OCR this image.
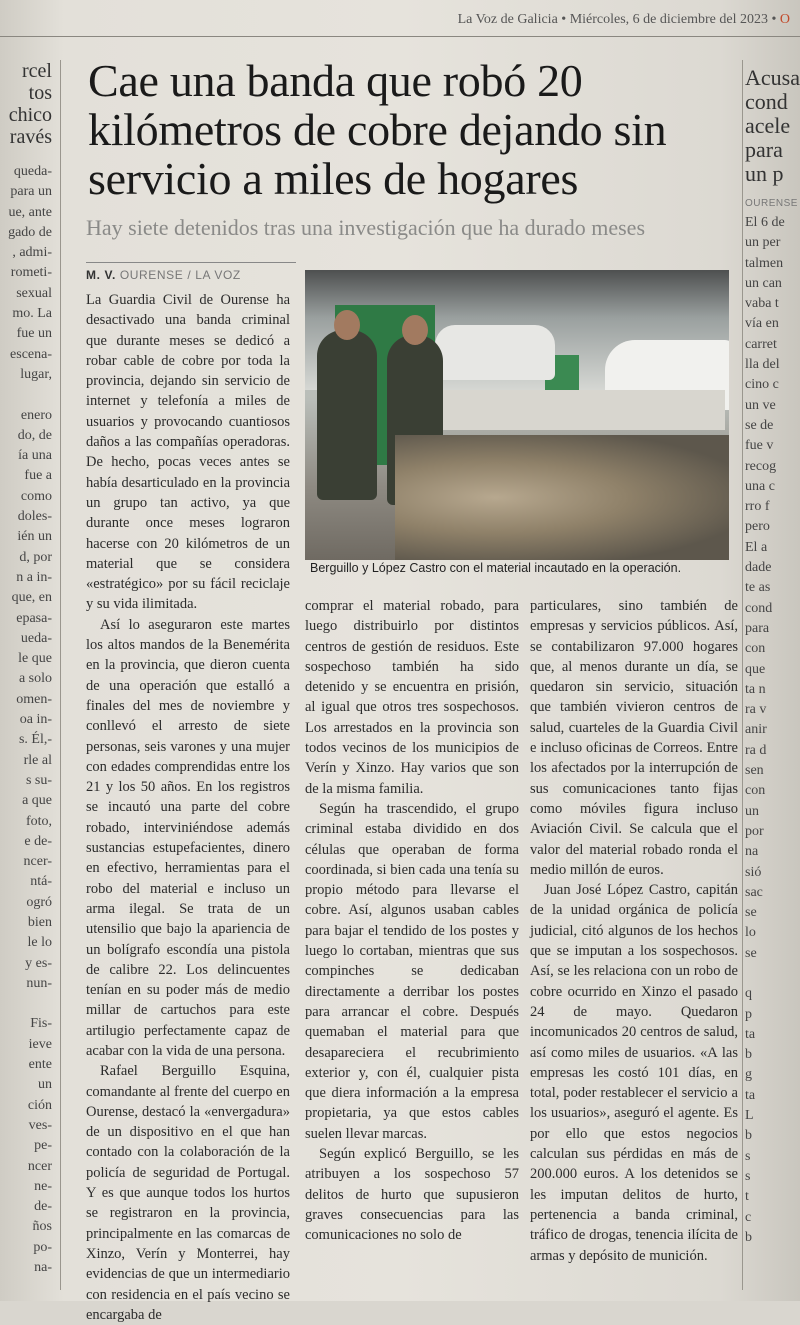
La Voz de Galicia • Miércoles, 6 de diciembre del 2023 • O
rcel
tos
chico
ravés
queda-
para un
ue, ante
gado de
, admi-
rometi-
sexual
mo. La
fue un
escena-
lugar,

enero
do, de
ía una
fue a
como
doles-
ién un
d, por
n a in-
que, en
epasa-
ueda-
le que
a solo
omen-
oa in-
s. Él,-
rle al
s su-
a que
foto,
e de-
ncer-
ntá-
ogró
bien
le lo
y es-
nun-

Fis-
ieve
ente
un
ción
ves-
pe-
ncer
ne-
de-
ños
po-
na-
Cae una banda que robó 20 kilómetros de cobre dejando sin servicio a miles de hogares
Hay siete detenidos tras una investigación que ha durado meses
M. V. OURENSE / LA VOZ

La Guardia Civil de Ourense ha desactivado una banda criminal que durante meses se dedicó a robar cable de cobre por toda la provincia, dejando sin servicio de internet y telefonía a miles de usuarios y provocando cuantiosos daños a las compañías operadoras. De hecho, pocas veces antes se había desarticulado en la provincia un grupo tan activo, ya que durante once meses lograron hacerse con 20 kilómetros de un material que se considera «estratégico» por su fácil reciclaje y su vida ilimitada.

Así lo aseguraron este martes los altos mandos de la Benemérita en la provincia, que dieron cuenta de una operación que estalló a finales del mes de noviembre y conllevó el arresto de siete personas, seis varones y una mujer con edades comprendidas entre los 21 y los 50 años. En los registros se incautó una parte del cobre robado, interviniéndose además sustancias estupefacientes, dinero en efectivo, herramientas para el robo del material e incluso un arma ilegal. Se trata de un utensilio que bajo la apariencia de un bolígrafo escondía una pistola de calibre 22. Los delincuentes tenían en su poder más de medio millar de cartuchos para este artilugio perfectamente capaz de acabar con la vida de una persona.

Rafael Berguillo Esquina, comandante al frente del cuerpo en Ourense, destacó la «envergadura» de un dispositivo en el que han contado con la colaboración de la policía de seguridad de Portugal. Y es que aunque todos los hurtos se registraron en la provincia, principalmente en las comarcas de Xinzo, Verín y Monterrei, hay evidencias de que un intermediario con residencia en el país vecino se encargaba de

Berguillo y López Castro con el material incautado en la operación.

comprar el material robado, para luego distribuirlo por distintos centros de gestión de residuos. Este sospechoso también ha sido detenido y se encuentra en prisión, al igual que otros tres sospechosos. Los arrestados en la provincia son todos vecinos de los municipios de Verín y Xinzo. Hay varios que son de la misma familia.

Según ha trascendido, el grupo criminal estaba dividido en dos células que operaban de forma coordinada, si bien cada una tenía su propio método para llevarse el cobre. Así, algunos usaban cables para bajar el tendido de los postes y luego lo cortaban, mientras que sus compinches se dedicaban directamente a derribar los postes para arrancar el cobre. Después quemaban el material para que desapareciera el recubrimiento exterior y, con él, cualquier pista que diera información a la empresa propietaria, ya que estos cables suelen llevar marcas.

Según explicó Berguillo, se les atribuyen a los sospechoso 57 delitos de hurto que supusieron graves consecuencias para las comunicaciones no solo de

particulares, sino también de empresas y servicios públicos. Así, se contabilizaron 97.000 hogares que, al menos durante un día, se quedaron sin servicio, situación que también vivieron centros de salud, cuarteles de la Guardia Civil e incluso oficinas de Correos. Entre los afectados por la interrupción de sus comunicaciones tanto fijas como móviles figura incluso Aviación Civil. Se calcula que el valor del material robado ronda el medio millón de euros.

Juan José López Castro, capitán de la unidad orgánica de policía judicial, citó algunos de los hechos que se imputan a los sospechosos. Así, se les relaciona con un robo de cobre ocurrido en Xinzo el pasado 24 de mayo. Quedaron incomunicados 20 centros de salud, así como miles de usuarios. «A las empresas les costó 101 días, en total, poder restablecer el servicio a los usuarios», aseguró el agente. Es por ello que estos negocios calculan sus pérdidas en más de 200.000 euros. A los detenidos se les imputan delitos de hurto, pertenencia a banda criminal, tráfico de drogas, tenencia ilícita de armas y depósito de munición.

Acusa
cond
acele
para
un p
OURENSE
El 6 de
un per
talmen
un can
vaba t
vía en
carret
lla del
cino c
un ve
se de
fue v
recog
una c
rro f
pero
El a
dade
te as
cond
para
con
que
ta n
ra v
anir
ra d
sen
con
un
por
na
sió
sac
se
lo
se

q
p
ta
b
g
ta
L
b
s
s
t
c
b
